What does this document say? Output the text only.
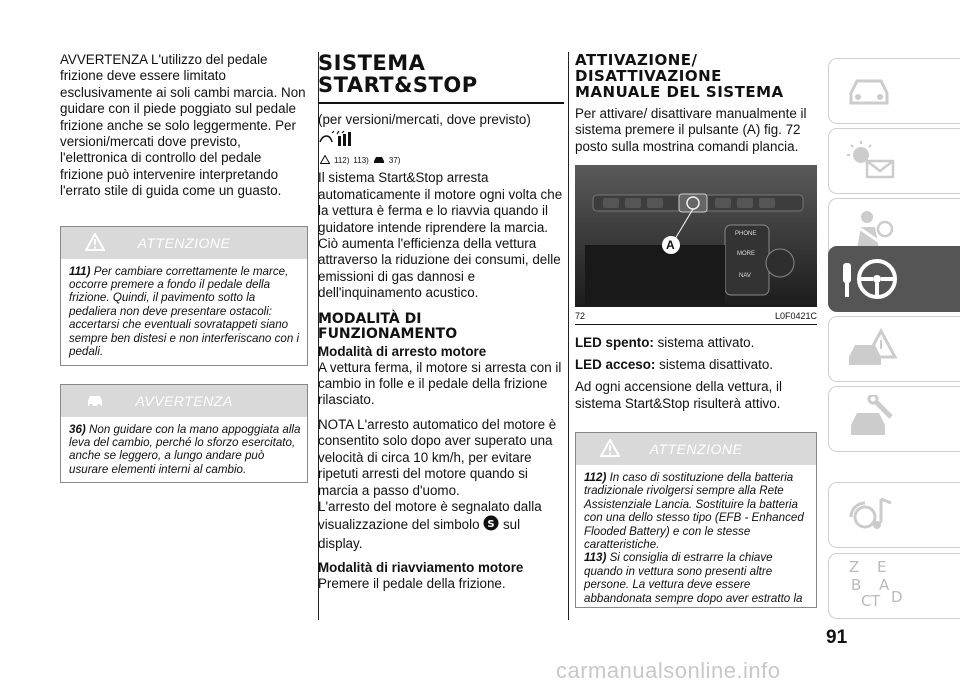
AVVERTENZA L'utilizzo del pedale frizione deve essere limitato esclusivamente ai soli cambi marcia. Non guidare con il piede poggiato sul pedale frizione anche se solo leggermente. Per versioni/mercati dove previsto, l'elettronica di controllo del pedale frizione può intervenire interpretando l'errato stile di guida come un guasto.

ATTENZIONE
111) Per cambiare correttamente le marce, occorre premere a fondo il pedale della frizione. Quindi, il pavimento sotto la pedaliera non deve presentare ostacoli: accertarsi che eventuali sovratappeti siano sempre ben distesi e non interferiscano con i pedali.
AVVERTENZA
36) Non guidare con la mano appoggiata alla leva del cambio, perché lo sforzo esercitato, anche se leggero, a lungo andare può usurare elementi interni al cambio.
SISTEMA
START&STOP

(per versioni/mercati, dove previsto)

112) 113)	37)

Il sistema Start&Stop arresta automaticamente il motore ogni volta che la vettura è ferma e lo riavvia quando il guidatore intende riprendere la marcia. Ciò aumenta l'efficienza della vettura attraverso la riduzione dei consumi, delle emissioni di gas dannosi e dell'inquinamento acustico.

MODALITÀ DI
FUNZIONAMENTO

Modalità di arresto motore

A vettura ferma, il motore si arresta con il cambio in folle e il pedale della frizione rilasciato.

NOTA L'arresto automatico del motore è consentito solo dopo aver superato una velocità di circa 10 km/h, per evitare ripetuti arresti del motore quando si marcia a passo d'uomo.

L'arresto del motore è segnalato dalla visualizzazione del simbolo S sul display.

Modalità di riavviamento motore

Premere il pedale della frizione.

ATTIVAZIONE/
DISATTIVAZIONE
MANUALE DEL SISTEMA

Per attivare/ disattivare manualmente il sistema premere il pulsante (A) fig. 72 posto sulla mostrina comandi plancia.

A
PHONE
MORE
NAV
72	L0F0421C

LED spento: sistema attivato.

LED acceso: sistema disattivato.

Ad ogni accensione della vettura, il sistema Start&Stop risulterà attivo.

ATTENZIONE
112) In caso di sostituzione della batteria tradizionale rivolgersi sempre alla Rete Assistenziale Lancia. Sostituire la batteria con una dello stesso tipo (EFB - Enhanced Flooded Battery) e con le stesse caratteristiche.
113) Si consiglia di estrarre la chiave quando in vettura sono presenti altre persone. La vettura deve essere abbandonata sempre dopo aver estratto la
Z E
B A
C T D
91
carmanualsonline.info
